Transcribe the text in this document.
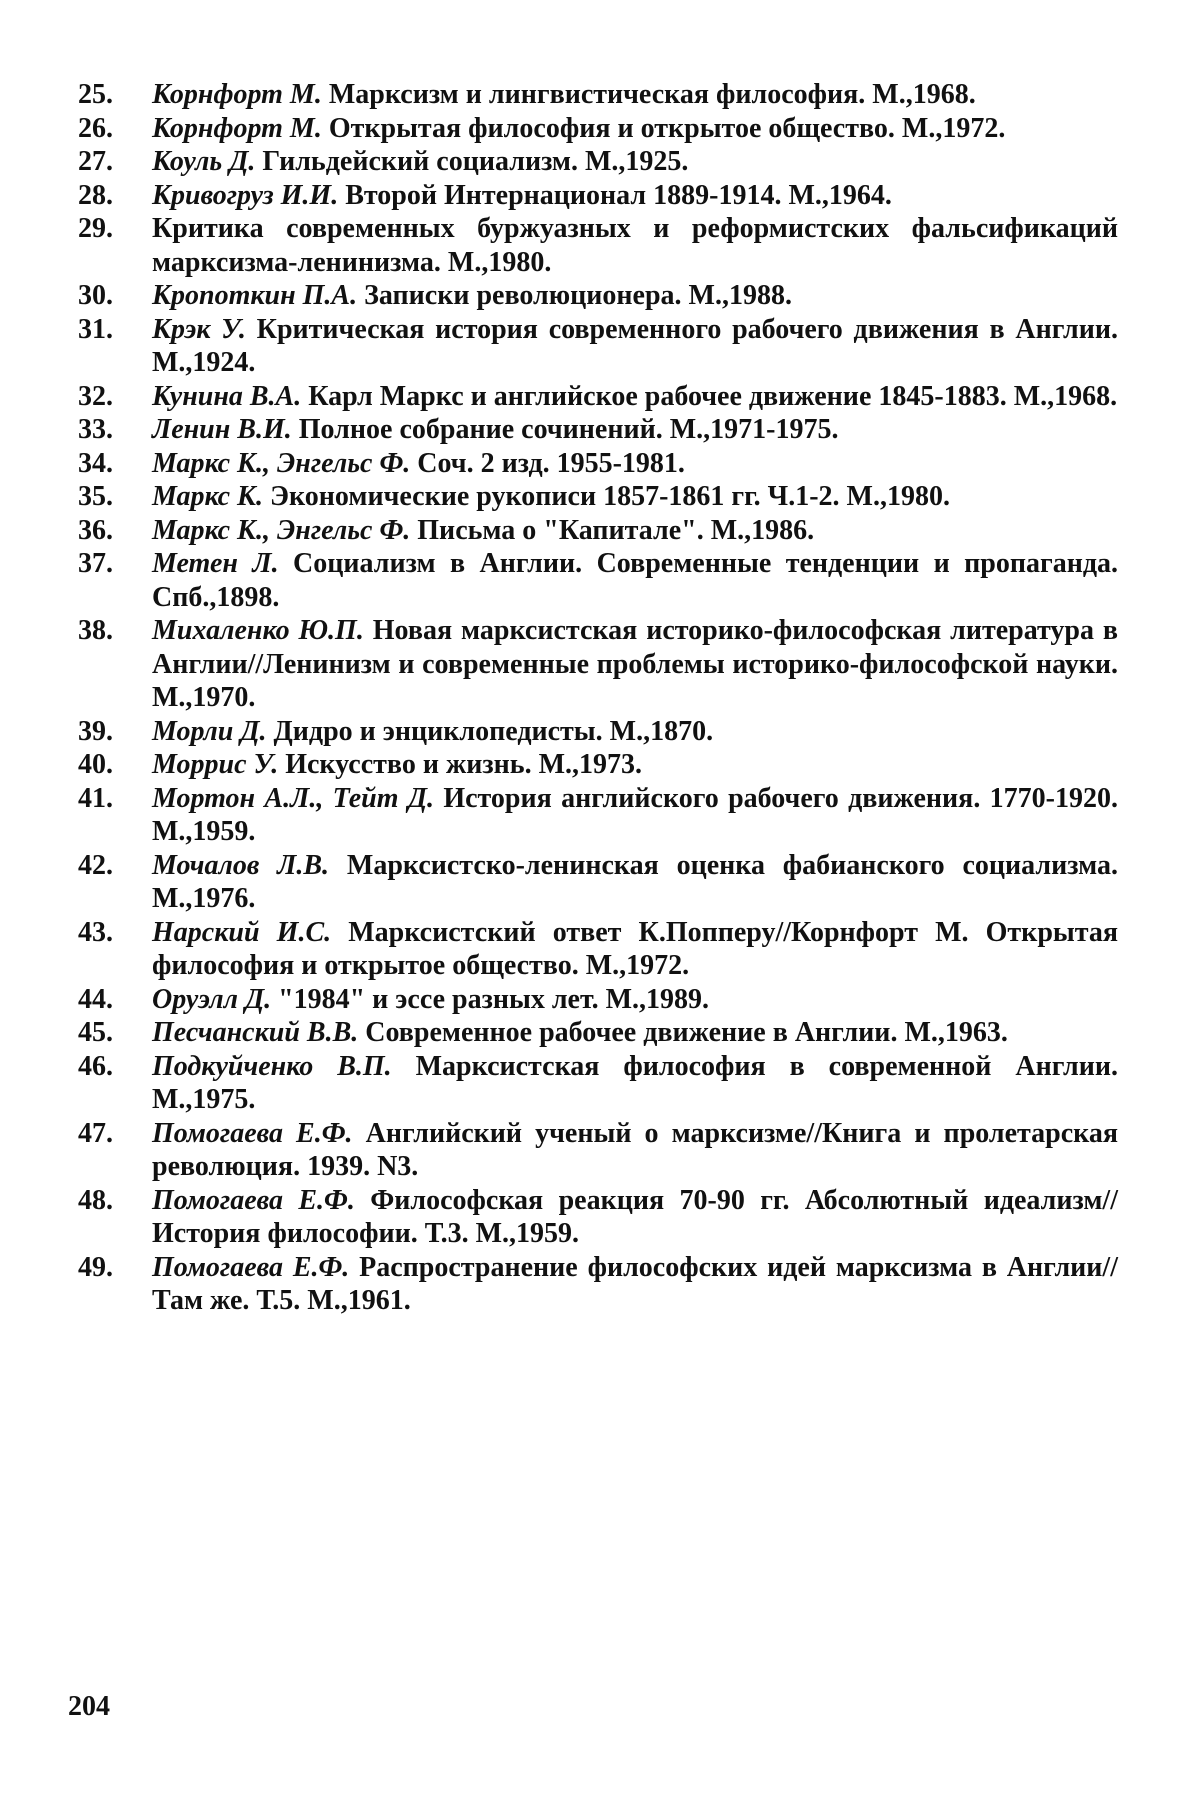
25.	Корнфорт М. Марксизм и лингвистическая философия. М.,1968.
26.	Корнфорт М. Открытая философия и открытое общество. М.,1972.
27.	Коуль Д. Гильдейский социализм. М.,1925.
28.	Кривогруз И.И. Второй Интернационал 1889-1914. М.,1964.
29.	Критика современных буржуазных и реформистских фальсификаций марксизма-ленинизма. М.,1980.
30.	Кропоткин П.А. Записки революционера. М.,1988.
31.	Крэк У. Критическая история современного рабочего движения в Англии. М.,1924.
32.	Кунина В.А. Карл Маркс и английское рабочее движение 1845-1883. М.,1968.
33.	Ленин В.И. Полное собрание сочинений. М.,1971-1975.
34.	Маркс К., Энгельс Ф. Соч. 2 изд. 1955-1981.
35.	Маркс К. Экономические рукописи 1857-1861 гг. Ч.1-2. М.,1980.
36.	Маркс К., Энгельс Ф. Письма о "Капитале". М.,1986.
37.	Метен Л. Социализм в Англии. Современные тенденции и пропаганда. Спб.,1898.
38.	Михаленко Ю.П. Новая марксистская историко-философская литература в Англии//Ленинизм и современные проблемы историко-философской науки. М.,1970.
39.	Морли Д. Дидро и энциклопедисты. М.,1870.
40.	Моррис У. Искусство и жизнь. М.,1973.
41.	Мортон А.Л., Тейт Д. История английского рабочего движения. 1770-1920. М.,1959.
42.	Мочалов Л.В. Марксистско-ленинская оценка фабианского социализма. М.,1976.
43.	Нарский И.С. Марксистский ответ К.Попперу//Корнфорт М. Открытая философия и открытое общество. М.,1972.
44.	Оруэлл Д. "1984" и эссе разных лет. М.,1989.
45.	Песчанский В.В. Современное рабочее движение в Англии. М.,1963.
46.	Подкуйченко В.П. Марксистская философия в современной Англии. М.,1975.
47.	Помогаева Е.Ф. Английский ученый о марксизме//Книга и пролетарская революция. 1939. N3.
48.	Помогаева Е.Ф. Философская реакция 70-90 гг. Абсолютный идеализм//История философии. Т.3. М.,1959.
49.	Помогаева Е.Ф. Распространение философских идей марксизма в Англии//Там же. Т.5. М.,1961.
204
